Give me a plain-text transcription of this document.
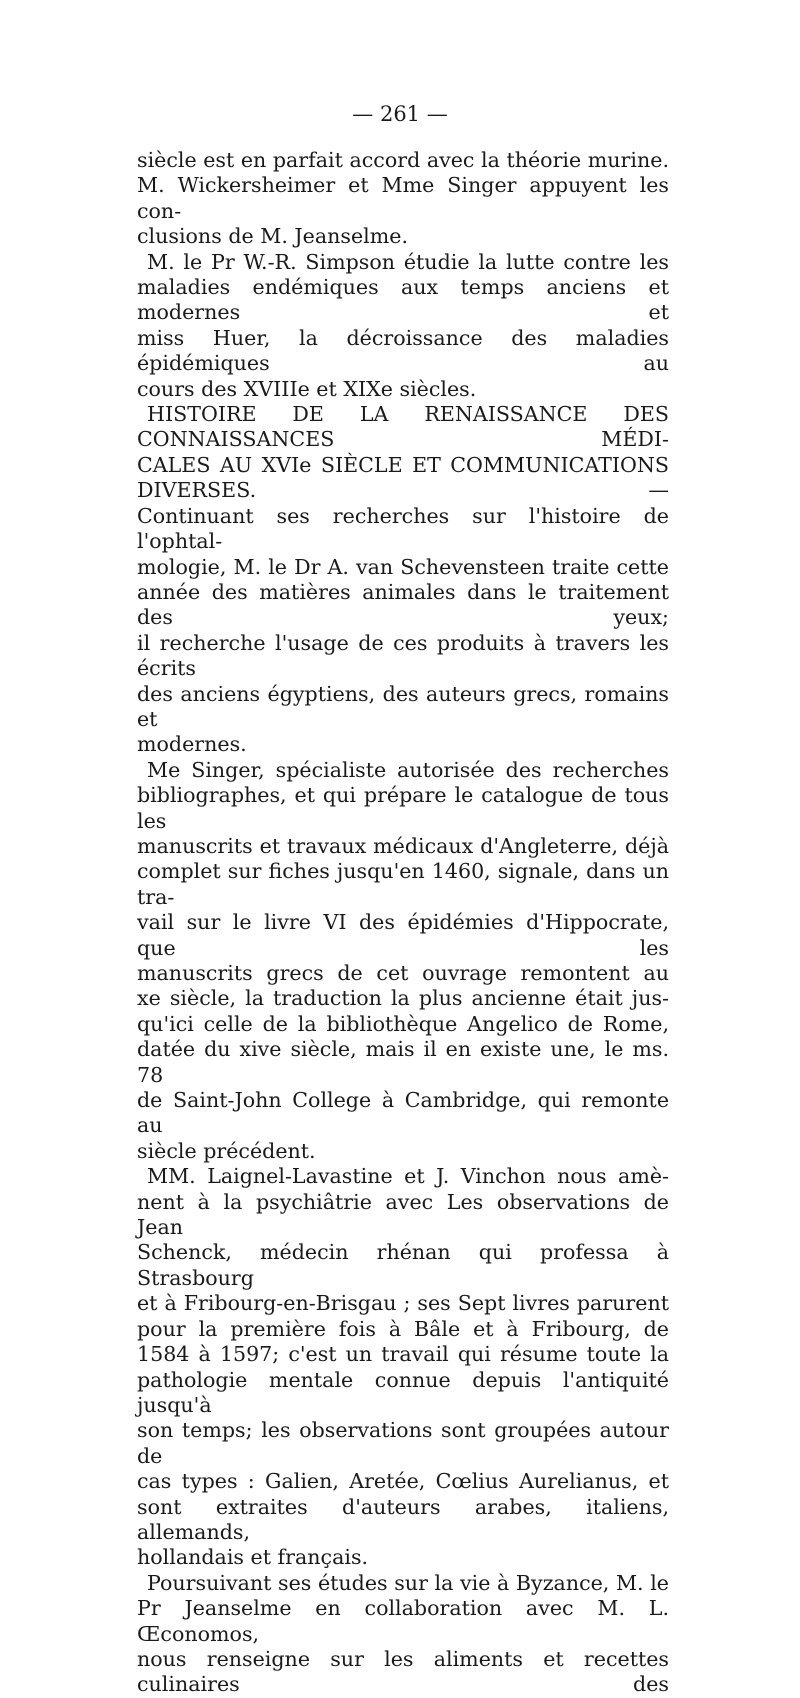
— 261 —

siècle est en parfait accord avec la théorie murine.

M. Wickersheimer et Mme Singer appuyent les con-

clusions de M. Jeanselme.

M. le Pr W.-R. Simpson étudie la lutte contre les

maladies endémiques aux temps anciens et modernes et

miss Huer, la décroissance des maladies épidémiques au

cours des XVIIIe et XIXe siècles.

HISTOIRE DE LA RENAISSANCE DES CONNAISSANCES MÉDI-

CALES AU XVIe SIÈCLE ET COMMUNICATIONS DIVERSES. —

Continuant ses recherches sur l'histoire de l'ophtal-

mologie, M. le Dr A. van Schevensteen traite cette

année des matières animales dans le traitement des yeux;

il recherche l'usage de ces produits à travers les écrits

des anciens égyptiens, des auteurs grecs, romains et

modernes.

Me Singer, spécialiste autorisée des recherches

bibliographes, et qui prépare le catalogue de tous les

manuscrits et travaux médicaux d'Angleterre, déjà

complet sur fiches jusqu'en 1460, signale, dans un tra-

vail sur le livre VI des épidémies d'Hippocrate, que les

manuscrits grecs de cet ouvrage remontent au

xe siècle, la traduction la plus ancienne était jus-

qu'ici celle de la bibliothèque Angelico de Rome,

datée du xive siècle, mais il en existe une, le ms. 78

de Saint-John College à Cambridge, qui remonte au

siècle précédent.

MM. Laignel-Lavastine et J. Vinchon nous amè-

nent à la psychiâtrie avec Les observations de Jean

Schenck, médecin rhénan qui professa à Strasbourg

et à Fribourg-en-Brisgau ; ses Sept livres parurent

pour la première fois à Bâle et à Fribourg, de

1584 à 1597; c'est un travail qui résume toute la

pathologie mentale connue depuis l'antiquité jusqu'à

son temps; les observations sont groupées autour de

cas types : Galien, Aretée, Cœlius Aurelianus, et

sont extraites d'auteurs arabes, italiens, allemands,

hollandais et français.

Poursuivant ses études sur la vie à Byzance, M. le

Pr Jeanselme en collaboration avec M. L. Œconomos,

nous renseigne sur les aliments et recettes culinaires des
